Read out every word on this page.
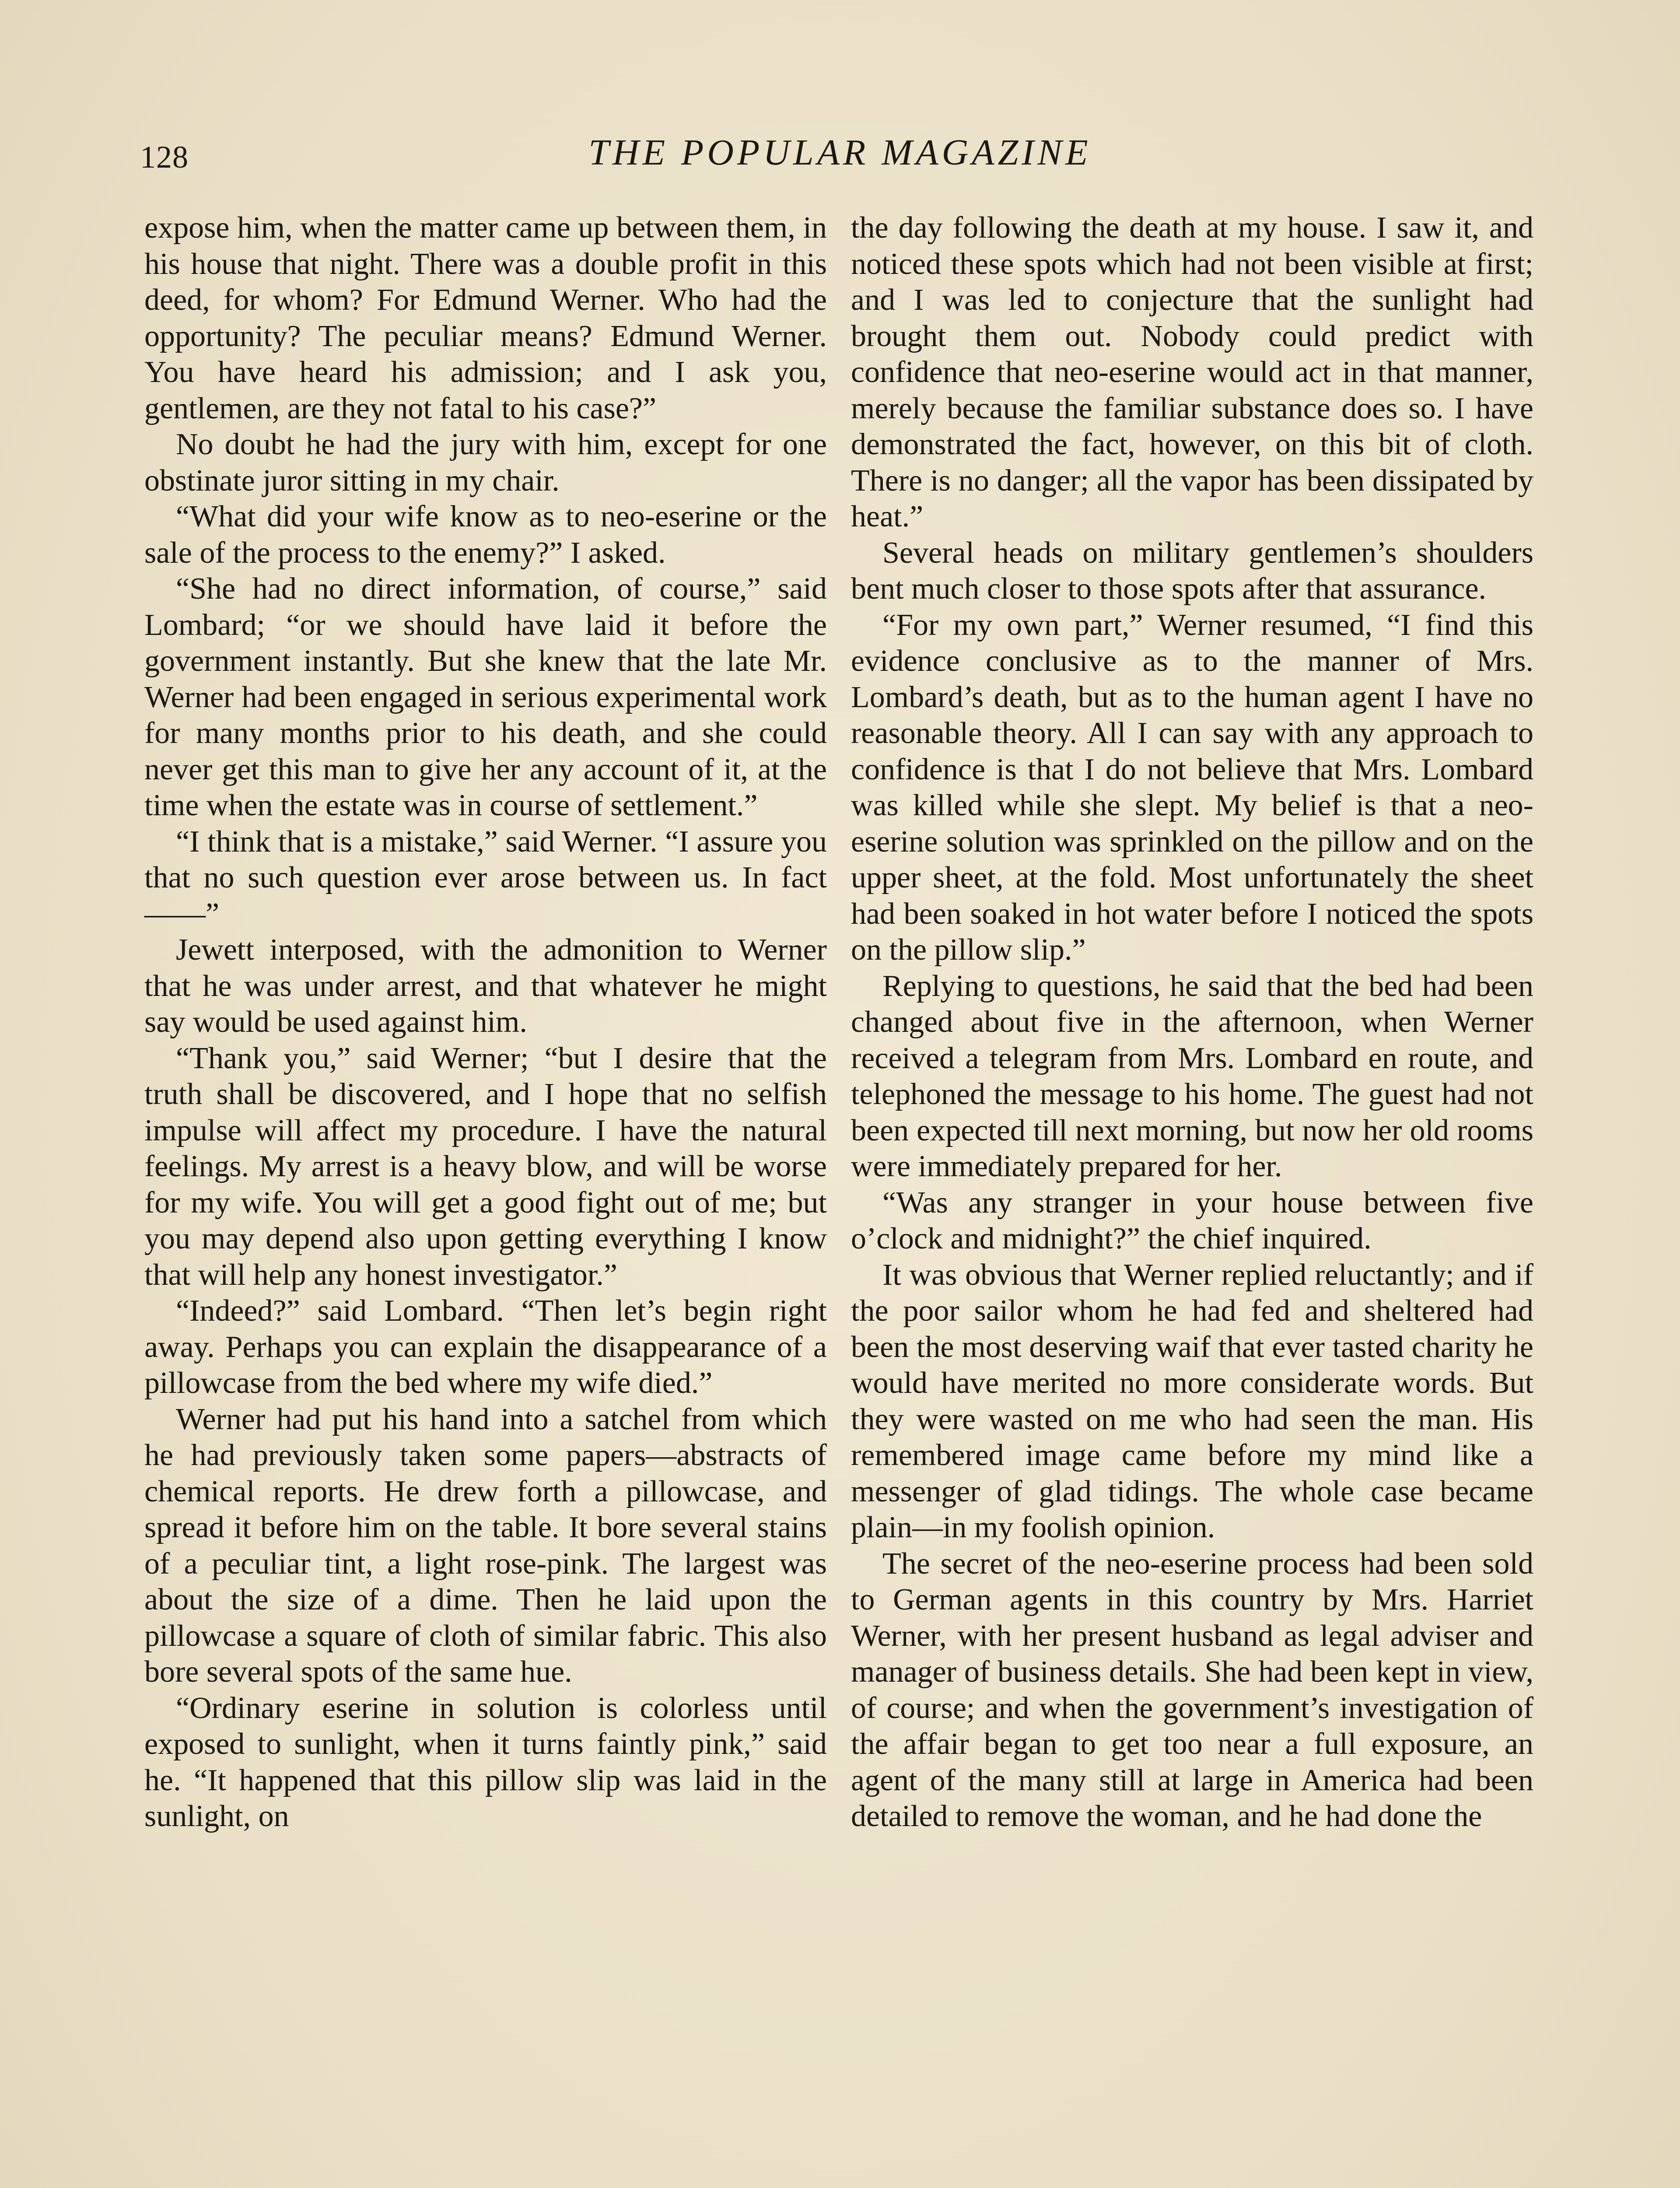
128	THE POPULAR MAGAZINE

expose him, when the matter came up between them, in his house that night. There was a double profit in this deed, for whom? For Edmund Werner. Who had the opportunity? The peculiar means? Edmund Werner. You have heard his admission; and I ask you, gentlemen, are they not fatal to his case?”

No doubt he had the jury with him, except for one obstinate juror sitting in my chair.

“What did your wife know as to neo-eserine or the sale of the process to the enemy?” I asked.

“She had no direct information, of course,” said Lombard; “or we should have laid it before the government instantly. But she knew that the late Mr. Werner had been engaged in serious experimental work for many months prior to his death, and she could never get this man to give her any account of it, at the time when the estate was in course of settlement.”

“I think that is a mistake,” said Werner. “I assure you that no such question ever arose between us. In fact——”

Jewett interposed, with the admonition to Werner that he was under arrest, and that whatever he might say would be used against him.

“Thank you,” said Werner; “but I desire that the truth shall be discovered, and I hope that no selfish impulse will affect my procedure. I have the natural feelings. My arrest is a heavy blow, and will be worse for my wife. You will get a good fight out of me; but you may depend also upon getting everything I know that will help any honest investigator.”

“Indeed?” said Lombard. “Then let’s begin right away. Perhaps you can explain the disappearance of a pillowcase from the bed where my wife died.”

Werner had put his hand into a satchel from which he had previously taken some papers—abstracts of chemical reports. He drew forth a pillowcase, and spread it before him on the table. It bore several stains of a peculiar tint, a light rose-pink. The largest was about the size of a dime. Then he laid upon the pillowcase a square of cloth of similar fabric. This also bore several spots of the same hue.

“Ordinary eserine in solution is colorless until exposed to sunlight, when it turns faintly pink,” said he. “It happened that this pillow slip was laid in the sunlight, on

the day following the death at my house. I saw it, and noticed these spots which had not been visible at first; and I was led to conjecture that the sunlight had brought them out. Nobody could predict with confidence that neo-eserine would act in that manner, merely because the familiar substance does so. I have demonstrated the fact, however, on this bit of cloth. There is no danger; all the vapor has been dissipated by heat.”

Several heads on military gentlemen’s shoulders bent much closer to those spots after that assurance.

“For my own part,” Werner resumed, “I find this evidence conclusive as to the manner of Mrs. Lombard’s death, but as to the human agent I have no reasonable theory. All I can say with any approach to confidence is that I do not believe that Mrs. Lombard was killed while she slept. My belief is that a neo-eserine solution was sprinkled on the pillow and on the upper sheet, at the fold. Most unfortunately the sheet had been soaked in hot water before I noticed the spots on the pillow slip.”

Replying to questions, he said that the bed had been changed about five in the afternoon, when Werner received a telegram from Mrs. Lombard en route, and telephoned the message to his home. The guest had not been expected till next morning, but now her old rooms were immediately prepared for her.

“Was any stranger in your house between five o’clock and midnight?” the chief inquired.

It was obvious that Werner replied reluctantly; and if the poor sailor whom he had fed and sheltered had been the most deserving waif that ever tasted charity he would have merited no more considerate words. But they were wasted on me who had seen the man. His remembered image came before my mind like a messenger of glad tidings. The whole case became plain—in my foolish opinion.

The secret of the neo-eserine process had been sold to German agents in this country by Mrs. Harriet Werner, with her present husband as legal adviser and manager of business details. She had been kept in view, of course; and when the government’s investigation of the affair began to get too near a full exposure, an agent of the many still at large in America had been detailed to remove the woman, and he had done the
